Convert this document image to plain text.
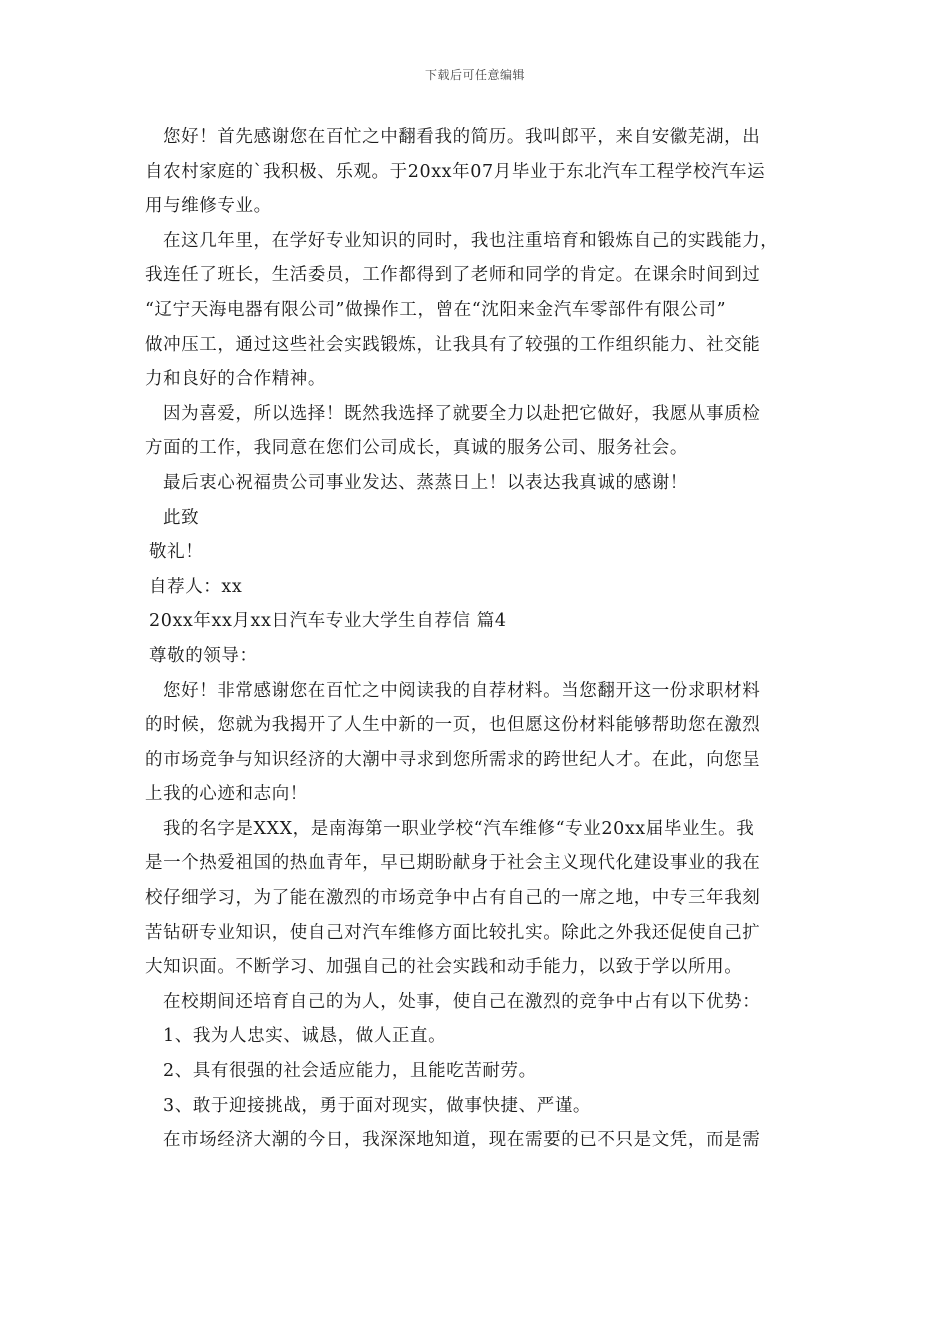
下载后可任意编辑
您好！首先感谢您在百忙之中翻看我的简历。我叫郎平，来自安徽芜湖，出
自农村家庭的`我积极、乐观。于20xx年07月毕业于东北汽车工程学校汽车运
用与维修专业。
在这几年里，在学好专业知识的同时，我也注重培育和锻炼自己的实践能力，
我连任了班长，生活委员，工作都得到了老师和同学的肯定。在课余时间到过
“辽宁天海电器有限公司”做操作工，曾在“沈阳来金汽车零部件有限公司”
做冲压工，通过这些社会实践锻炼，让我具有了较强的工作组织能力、社交能
力和良好的合作精神。
因为喜爱，所以选择！既然我选择了就要全力以赴把它做好，我愿从事质检
方面的工作，我同意在您们公司成长，真诚的服务公司、服务社会。
最后衷心祝福贵公司事业发达、蒸蒸日上！以表达我真诚的感谢！
此致
敬礼！
自荐人：xx
20xx年xx月xx日汽车专业大学生自荐信 篇4
尊敬的领导：
您好！非常感谢您在百忙之中阅读我的自荐材料。当您翻开这一份求职材料
的时候，您就为我揭开了人生中新的一页，也但愿这份材料能够帮助您在激烈
的市场竞争与知识经济的大潮中寻求到您所需求的跨世纪人才。在此，向您呈
上我的心迹和志向！
我的名字是XXX，是南海第一职业学校“汽车维修“专业20xx届毕业生。我
是一个热爱祖国的热血青年，早已期盼献身于社会主义现代化建设事业的我在
校仔细学习，为了能在激烈的市场竞争中占有自己的一席之地，中专三年我刻
苦钻研专业知识，使自己对汽车维修方面比较扎实。除此之外我还促使自己扩
大知识面。不断学习、加强自己的社会实践和动手能力，以致于学以所用。
在校期间还培育自己的为人，处事，使自己在激烈的竞争中占有以下优势：
1、我为人忠实、诚恳，做人正直。
2、具有很强的社会适应能力，且能吃苦耐劳。
3、敢于迎接挑战，勇于面对现实，做事快捷、严谨。
在市场经济大潮的今日，我深深地知道，现在需要的已不只是文凭，而是需
